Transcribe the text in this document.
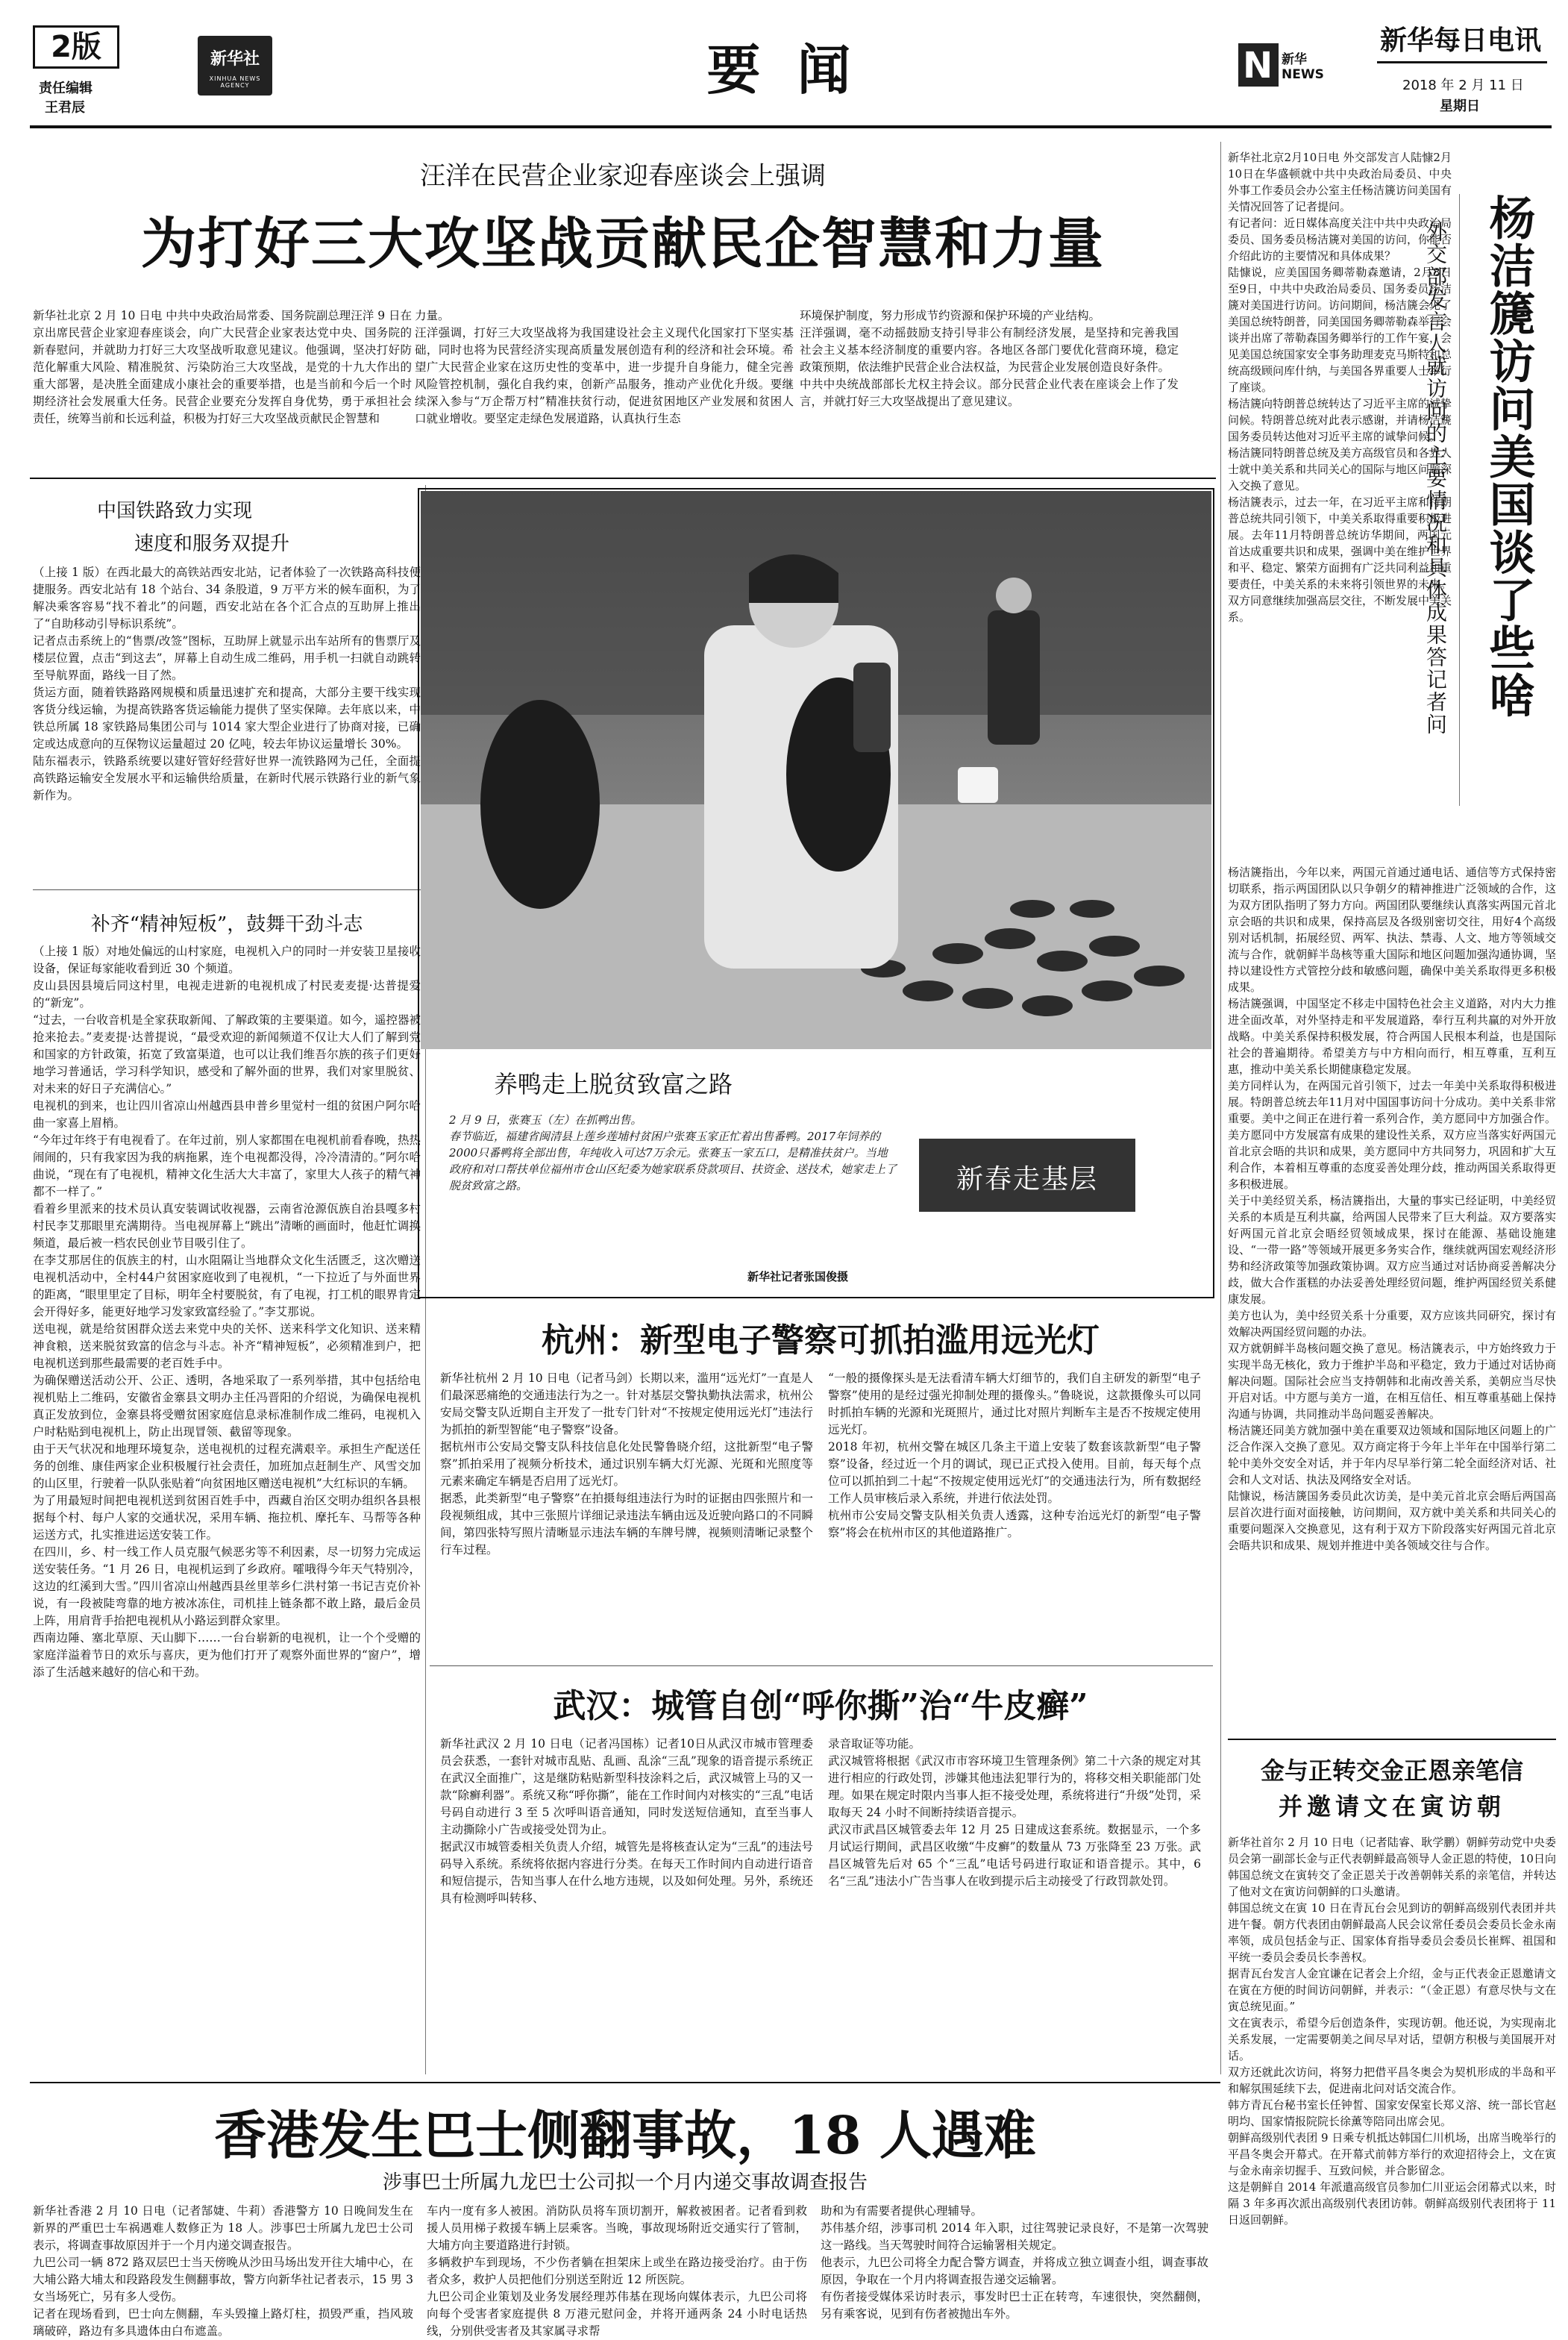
2版
责任编辑
王君辰
新华社
XINHUA NEWS AGENCY	要 闻	N 新华NEWS
新华每日电讯
2018 年 2 月 11 日
星期日
汪洋在民营企业家迎春座谈会上强调
为打好三大攻坚战贡献民企智慧和力量
新华社北京 2 月 10 日电 中共中央政治局常委、国务院副总理汪洋 9 日在京出席民营企业家迎春座谈会，向广大民营企业家表达党中央、国务院的新春慰问，并就助力打好三大攻坚战听取意见建议。他强调，坚决打好防范化解重大风险、精准脱贫、污染防治三大攻坚战，是党的十九大作出的重大部署，是决胜全面建成小康社会的重要举措，也是当前和今后一个时期经济社会发展重大任务。民营企业要充分发挥自身优势，勇于承担社会责任，统筹当前和长远利益，积极为打好三大攻坚战贡献民企智慧和
力量。
汪洋强调，打好三大攻坚战将为我国建设社会主义现代化国家打下坚实基础，同时也将为民营经济实现高质量发展创造有利的经济和社会环境。希望广大民营企业家在这历史性的变革中，进一步提升自身能力，健全完善风险管控机制，强化自我约束，创新产品服务，推动产业优化升级。要继续深入参与“万企帮万村”精准扶贫行动，促进贫困地区产业发展和贫困人口就业增收。要坚定走绿色发展道路，认真执行生态
环境保护制度，努力形成节约资源和保护环境的产业结构。
汪洋强调，毫不动摇鼓励支持引导非公有制经济发展，是坚持和完善我国社会主义基本经济制度的重要内容。各地区各部门要优化营商环境，稳定政策预期，依法维护民营企业合法权益，为民营企业发展创造良好条件。
中共中央统战部部长尤权主持会议。部分民营企业代表在座谈会上作了发言，并就打好三大攻坚战提出了意见建议。
中国铁路致力实现
速度和服务双提升
（上接 1 版）在西北最大的高铁站西安北站，记者体验了一次铁路高科技便捷服务。西安北站有 18 个站台、34 条股道，9 万平方米的候车面积，为了解决乘客容易“找不着北”的问题，西安北站在各个汇合点的互助屏上推出了“自助移动引导标识系统”。
记者点击系统上的“售票/改签”图标，互助屏上就显示出车站所有的售票厅及楼层位置，点击“到这去”，屏幕上自动生成二维码，用手机一扫就自动跳转至导航界面，路线一目了然。
货运方面，随着铁路路网规模和质量迅速扩充和提高，大部分主要干线实现客货分线运输，为提高铁路客货运输能力提供了坚实保障。去年底以来，中铁总所属 18 家铁路局集团公司与 1014 家大型企业进行了协商对接，已确定或达成意向的互保物议运量超过 20 亿吨，较去年协议运量增长 30%。
陆东福表示，铁路系统要以建好管好经营好世界一流铁路网为己任，全面提高铁路运输安全发展水平和运输供给质量，在新时代展示铁路行业的新气象新作为。
补齐“精神短板”，鼓舞干劲斗志
（上接 1 版）对地处偏远的山村家庭，电视机入户的同时一并安装卫星接收设备，保证每家能收看到近 30 个频道。
皮山县因县境后同这村里，电视走进新的电视机成了村民麦麦提·达普提爱的“新宠”。
“过去，一台收音机是全家获取新闻、了解政策的主要渠道。如今，遥控器被抢来抢去。”麦麦提·达普提说，“最受欢迎的新闻频道不仅让大人们了解到党和国家的方针政策，拓宽了致富渠道，也可以让我们维吾尔族的孩子们更好地学习普通话，学习科学知识，感受和了解外面的世界，我们对家里脱贫、对未来的好日子充满信心。”
电视机的到来，也让四川省凉山州越西县申普乡里觉村一组的贫困户阿尔哈曲一家喜上眉梢。
“今年过年终于有电视看了。在年过前，别人家都围在电视机前看春晚，热热闹闹的，只有我家因为我的病拖累，连个电视都没得，冷冷清清的。”阿尔哈曲说，“现在有了电视机，精神文化生活大大丰富了，家里大人孩子的精气神都不一样了。”
看着乡里派来的技术员认真安装调试收视器，云南省沧源佤族自治县嘎多村村民李艾那眼里充满期待。当电视屏幕上“跳出”清晰的画面时，他赶忙调换频道，最后被一档农民创业节目吸引住了。
在李艾那居住的佤族主的村，山水阻隔让当地群众文化生活匮乏，这次赠送电视机活动中，全村44户贫困家庭收到了电视机，“一下拉近了与外面世界的距离，“眼里里定了目标，明年全村要脱贫，有了电视，打工机的眼界肯定会开得好多，能更好地学习发家致富经验了。”李艾那说。
送电视，就是给贫困群众送去来党中央的关怀、送来科学文化知识、送来精神食粮，送来脱贫致富的信念与斗志。补齐“精神短板”，必须精准到户，把电视机送到那些最需要的老百姓手中。
为确保赠送活动公开、公正、透明，各地采取了一系列举措，其中包括给电视机贴上二维码，安徽省金寨县文明办主任冯晋阳的介绍说，为确保电视机真正发放到位，金寨县将受赠贫困家庭信息录标准制作成二维码，电视机入户时粘贴到电视机上，防止出现冒领、截留等现象。
由于天气状况和地理环境复杂，送电视机的过程充满艰辛。承担生产配送任务的创维、康佳两家企业积极履行社会责任，加班加点赶制生产、风雪交加的山区里，行驶着一队队张贴着“向贫困地区赠送电视机”大红标识的车辆。
为了用最短时间把电视机送到贫困百姓手中，西藏自治区交明办组织各县根据每个村、每户人家的交通状况，采用车辆、拖拉机、摩托车、马帮等各种运送方式，扎实推进运送安装工作。
在四川，乡、村一线工作人员克服气候恶劣等不利因素，尽一切努力完成运送安装任务。“1 月 26 日，电视机运到了乡政府。嚯哦得今年天气特别冷，这边的红溪到大雪。”四川省凉山州越西县丝里莘乡仁洪村第一书记吉克价补说，有一段被陡弯靠的地方被冰冻住，司机挂上链条都不敢上路，最后金员上阵，用肩背手抬把电视机从小路运到群众家里。
西南边陲、塞北草原、天山脚下……一台台崭新的电视机，让一个个受赠的家庭洋溢着节日的欢乐与喜庆，更为他们打开了观察外面世界的“窗户”，增添了生活越来越好的信心和干劲。
养鸭走上脱贫致富之路
新春走基层
2 月 9 日，张赛玉（左）在抓鸭出售。
春节临近，福建省闽清县上莲乡莲埔村贫困户张赛玉家正忙着出售番鸭。2017年饲养的2000只番鸭将全部出售，年纯收入可达7万余元。张赛玉一家五口，是精准扶贫户。当地政府和对口帮扶单位福州市仓山区纪委为她家联系贷款项目、扶资金、送技术，她家走上了脱贫致富之路。
新华社记者张国俊摄
杭州：新型电子警察可抓拍滥用远光灯
新华社杭州 2 月 10 日电（记者马剑）长期以来，滥用“远光灯”一直是人们最深恶痛绝的交通违法行为之一。针对基层交警执勤执法需求，杭州公安局交警支队近期自主开发了一批专门针对“不按规定使用远光灯”违法行为抓拍的新型智能“电子警察”设备。
据杭州市公安局交警支队科技信息化处民警鲁晓介绍，这批新型“电子警察”抓拍采用了视频分析技术，通过识别车辆大灯光源、光斑和光照度等元素来确定车辆是否启用了远光灯。
据悉，此类新型“电子警察”在拍摄每组违法行为时的证据由四张照片和一段视频组成，其中三张照片详细记录违法车辆由远及近驶向路口的不同瞬间，第四张特写照片清晰显示违法车辆的车牌号牌，视频则清晰记录整个行车过程。
“一般的摄像探头是无法看清车辆大灯细节的，我们自主研发的新型“电子警察”使用的是经过强光抑制处理的摄像头。”鲁晓说，这款摄像头可以同时抓拍车辆的光源和光斑照片，通过比对照片判断车主是否不按规定使用远光灯。
2018 年初，杭州交警在城区几条主干道上安装了数套该款新型“电子警察”设备，经过近一个月的调试，现已正式投入使用。目前，每天每个点位可以抓拍到二十起“不按规定使用远光灯”的交通违法行为，所有数据经工作人员审核后录入系统，并进行依法处罚。
杭州市公安局交警支队相关负责人透露，这种专治远光灯的新型“电子警察”将会在杭州市区的其他道路推广。
武汉：城管自创“呼你撕”治“牛皮癣”
新华社武汉 2 月 10 日电（记者冯国栋）记者10日从武汉市城市管理委员会获悉，一套针对城市乱贴、乱画、乱涂“三乱”现象的语音提示系统正在武汉全面推广，这是继防粘贴新型科技涂料之后，武汉城管上马的又一款“除癣利器”。系统又称“呼你撕”，能在工作时间内对核实的“三乱”电话号码自动进行 3 至 5 次呼叫语音通知，同时发送短信通知，直至当事人主动撕除小广告或接受处罚为止。
据武汉市城管委相关负责人介绍，城管先是将核查认定为“三乱”的违法号码导入系统。系统将依据内容进行分类。在每天工作时间内自动进行语音和短信提示，告知当事人在什么地方违规，以及如何处理。另外，系统还具有检测呼叫转移、
录音取证等功能。
武汉城管将根据《武汉市市容环境卫生管理条例》第二十六条的规定对其进行相应的行政处罚，涉嫌其他违法犯罪行为的，将移交相关职能部门处理。如果在规定时限内当事人拒不接受处理，系统将进行“升级”处罚，采取每天 24 小时不间断持续语音提示。
武汉市武昌区城管委去年 12 月 25 日建成这套系统。数据显示，一个多月试运行期间，武昌区收缴“牛皮癣”的数量从 73 万张降至 23 万张。武昌区城管先后对 65 个“三乱”电话号码进行取证和语音提示。其中，6 名“三乱”违法小广告当事人在收到提示后主动接受了行政罚款处罚。
新华社北京2月10日电 外交部发言人陆慷2月10日在华盛顿就中共中央政治局委员、中央外事工作委员会办公室主任杨洁篪访问美国有关情况回答了记者提问。
有记者问：近日媒体高度关注中共中央政治局委员、国务委员杨洁篪对美国的访问，你能否介绍此访的主要情况和具体成果？
陆慷说，应美国国务卿蒂勒森邀请，2月8日至9日，中共中央政治局委员、国务委员杨洁篪对美国进行访问。访问期间，杨洁篪会见了美国总统特朗普，同美国国务卿蒂勒森举行会谈并出席了蒂勒森国务卿举行的工作午宴，会见美国总统国家安全事务助理麦克马斯特和总统高级顾问库什纳，与美国各界重要人士举行了座谈。
杨洁篪向特朗普总统转达了习近平主席的诚挚问候。特朗普总统对此表示感谢，并请杨洁篪国务委员转达他对习近平主席的诚挚问候。
杨洁篪同特朗普总统及美方高级官员和各界人士就中美关系和共同关心的国际与地区问题深入交换了意见。
杨洁篪表示，过去一年，在习近平主席和特朗普总统共同引领下，中美关系取得重要积极进展。去年11月特朗普总统访华期间，两国元首达成重要共识和成果，强调中美在维护世界和平、稳定、繁荣方面拥有广泛共同利益和重要责任，中美关系的未来将引领世界的未来。双方同意继续加强高层交往，不断发展中美关系。	杨洁篪访问美国谈了些啥
外交部发言人就访问的主要情况和具体成果答记者问
杨洁篪指出，今年以来，两国元首通过通电话、通信等方式保持密切联系，指示两国团队以只争朝夕的精神推进广泛领域的合作，这为双方团队指明了努力方向。两国团队要继续认真落实两国元首北京会晤的共识和成果，保持高层及各级别密切交往，用好4个高级别对话机制，拓展经贸、两军、执法、禁毒、人文、地方等领域交流与合作，就朝鲜半岛核等重大国际和地区问题加强沟通协调，坚持以建设性方式管控分歧和敏感问题，确保中美关系取得更多积极成果。
杨洁篪强调，中国坚定不移走中国特色社会主义道路，对内大力推进全面改革，对外坚持走和平发展道路，奉行互利共赢的对外开放战略。中美关系保持积极发展，符合两国人民根本利益，也是国际社会的普遍期待。希望美方与中方相向而行，相互尊重，互利互惠，推动中美关系长期健康稳定发展。
美方同样认为，在两国元首引领下，过去一年美中关系取得积极进展。特朗普总统去年11月对中国国事访问十分成功。美中关系非常重要。美中之间正在进行着一系列合作，美方愿同中方加强合作。美方愿同中方发展富有成果的建设性关系，双方应当落实好两国元首北京会晤的共识和成果，美方愿同中方共同努力，巩固和扩大互利合作，本着相互尊重的态度妥善处理分歧，推动两国关系取得更多积极进展。
关于中美经贸关系，杨洁篪指出，大量的事实已经证明，中美经贸关系的本质是互利共赢，给两国人民带来了巨大利益。双方要落实好两国元首北京会晤经贸领域成果，探讨在能源、基础设施建设、“一带一路”等领域开展更多务实合作，继续就两国宏观经济形势和经济政策等加强政策协调。双方应当通过对话协商妥善解决分歧，做大合作蛋糕的办法妥善处理经贸问题，维护两国经贸关系健康发展。
美方也认为，美中经贸关系十分重要，双方应该共同研究，探讨有效解决两国经贸问题的办法。
双方就朝鲜半岛核问题交换了意见。杨洁篪表示，中方始终致力于实现半岛无核化，致力于维护半岛和平稳定，致力于通过对话协商解决问题。国际社会应当支持朝韩和北南改善关系，美朝应当尽快开启对话。中方愿与美方一道，在相互信任、相互尊重基础上保持沟通与协调，共同推动半岛问题妥善解决。
杨洁篪还同美方就加强中美在重要双边领域和国际地区问题上的广泛合作深入交换了意见。双方商定将于今年上半年在中国举行第二轮中美外交安全对话，并于年内尽早举行第二轮全面经济对话、社会和人文对话、执法及网络安全对话。
陆慷说，杨洁篪国务委员此次访美，是中美元首北京会晤后两国高层首次进行面对面接触，访问期间，双方就中美关系和共同关心的重要问题深入交换意见，这有利于双方下阶段落实好两国元首北京会晤共识和成果、规划并推进中美各领域交往与合作。
金与正转交金正恩亲笔信
并邀请文在寅访朝
新华社首尔 2 月 10 日电（记者陆睿、耿学鹏）朝鲜劳动党中央委员会第一副部长金与正代表朝鲜最高领导人金正恩的特使，10日向韩国总统文在寅转交了金正恩关于改善朝韩关系的亲笔信，并转达了他对文在寅访问朝鲜的口头邀请。
韩国总统文在寅 10 日在青瓦台会见到访的朝鲜高级别代表团并共进午餐。朝方代表团由朝鲜最高人民会议常任委员会委员长金永南率领，成员包括金与正、国家体育指导委员会委员长崔辉、祖国和平统一委员会委员长李善权。
据青瓦台发言人金宜谦在记者会上介绍，金与正代表金正恩邀请文在寅在方便的时间访问朝鲜，并表示：“（金正恩）有意尽快与文在寅总统见面。”
文在寅表示，希望今后创造条件，实现访朝。他还说，为实现南北关系发展，一定需要朝美之间尽早对话，望朝方积极与美国展开对话。
双方还就此次访问，将努力把借平昌冬奥会为契机形成的半岛和平和解氛围延续下去，促进南北问对话交流合作。
韩方青瓦台秘书室长任钟皙、国家安保室长郑义溶、统一部长官赵明均、国家情报院院长徐薰等陪同出席会见。
朝鲜高级别代表团 9 日乘专机抵达韩国仁川机场，出席当晚举行的平昌冬奥会开幕式。在开幕式前韩方举行的欢迎招待会上，文在寅与金永南亲切握手、互致问候，并合影留念。
这是朝鲜自 2014 年派遣高级官员参加仁川亚运会闭幕式以来，时隔 3 年多再次派出高级别代表团访韩。朝鲜高级别代表团将于 11 日返回朝鲜。
香港发生巴士侧翻事故，18 人遇难
涉事巴士所属九龙巴士公司拟一个月内递交事故调查报告
新华社香港 2 月 10 日电（记者郜婕、牛莉）香港警方 10 日晚间发生在新界的严重巴士车祸遇难人数修正为 18 人。涉事巴士所属九龙巴士公司表示，将调查事故原因并于一个月内递交调查报告。
九巴公司一辆 872 路双层巴士当天傍晚从沙田马场出发开往大埔中心，在大埔公路大埔太和段路段发生侧翻事故，警方向新华社记者表示，15 男 3 女当场死亡，另有多人受伤。
记者在现场看到，巴士向左侧翻，车头毁撞上路灯柱，损毁严重，挡风玻璃破碎，路边有多具遗体由白布遮盖。
车内一度有多人被困。消防队员将车顶切割开，解救被困者。记者看到救援人员用梯子救援车辆上层乘客。当晚，事故现场附近交通实行了管制，大埔方向主要道路进行封锁。
多辆救护车到现场，不少伤者躺在担架床上或坐在路边接受治疗。由于伤者众多，救护人员把他们分别送至附近 12 所医院。
九巴公司企业策划及业务发展经理苏伟基在现场向媒体表示，九巴公司将向每个受害者家庭提供 8 万港元慰问金，并将开通两条 24 小时电话热线，分别供受害者及其家属寻求帮
助和为有需要者提供心理辅导。
苏伟基介绍，涉事司机 2014 年入职，过往驾驶记录良好，不是第一次驾驶这一路线。当天驾驶时间符合运输署相关规定。
他表示，九巴公司将全力配合警方调查，并将成立独立调查小组，调查事故原因，争取在一个月内将调查报告递交运输署。
有伤者接受媒体采访时表示，事发时巴士正在转弯，车速很快，突然翻侧，另有乘客说，见到有伤者被抛出车外。
